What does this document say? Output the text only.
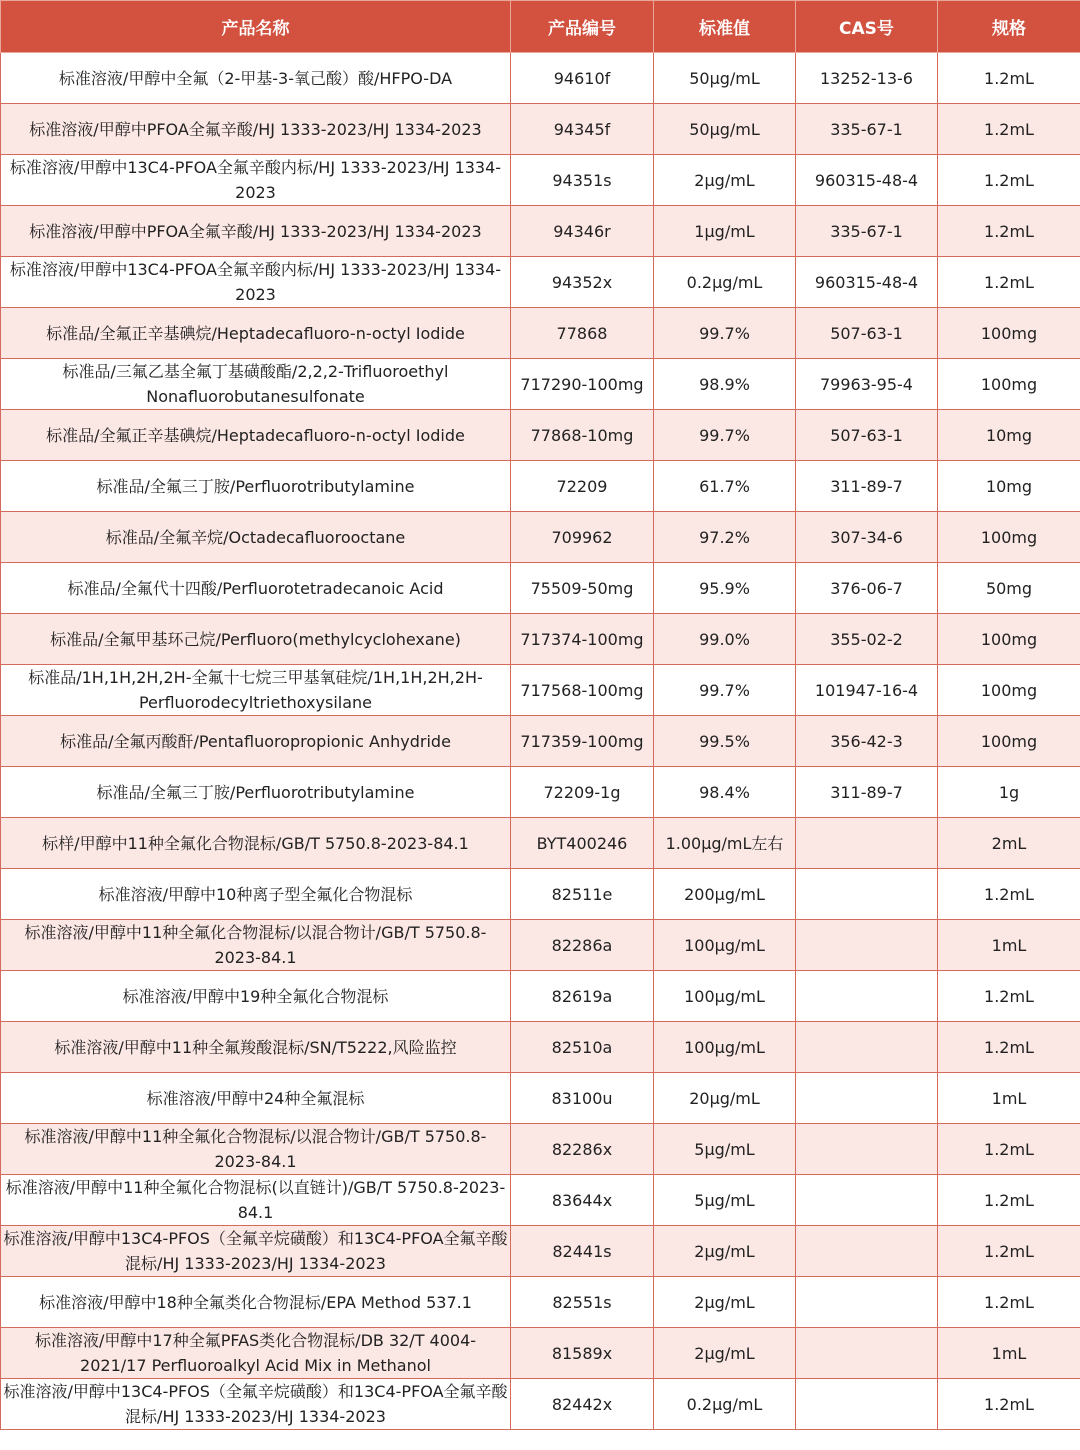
产品名称	产品编号	标准值	CAS号	规格
标准溶液/甲醇中全氟（2-甲基-3-氧己酸）酸/HFPO-DA	94610f	50μg/mL	13252-13-6	1.2mL
标准溶液/甲醇中PFOA全氟辛酸/HJ 1333-2023/HJ 1334-2023	94345f	50μg/mL	335-67-1	1.2mL
标准溶液/甲醇中13C4-PFOA全氟辛酸内标/HJ 1333-2023/HJ 1334-2023	94351s	2μg/mL	960315-48-4	1.2mL
标准溶液/甲醇中PFOA全氟辛酸/HJ 1333-2023/HJ 1334-2023	94346r	1μg/mL	335-67-1	1.2mL
标准溶液/甲醇中13C4-PFOA全氟辛酸内标/HJ 1333-2023/HJ 1334-2023	94352x	0.2μg/mL	960315-48-4	1.2mL
标准品/全氟正辛基碘烷/Heptadecafluoro-n-octyl Iodide	77868	99.7%	507-63-1	100mg
标准品/三氟乙基全氟丁基磺酸酯/2,2,2-Trifluoroethyl Nonafluorobutanesulfonate	717290-100mg	98.9%	79963-95-4	100mg
标准品/全氟正辛基碘烷/Heptadecafluoro-n-octyl Iodide	77868-10mg	99.7%	507-63-1	10mg
标准品/全氟三丁胺/Perfluorotributylamine	72209	61.7%	311-89-7	10mg
标准品/全氟辛烷/Octadecafluorooctane	709962	97.2%	307-34-6	100mg
标准品/全氟代十四酸/Perfluorotetradecanoic Acid	75509-50mg	95.9%	376-06-7	50mg
标准品/全氟甲基环己烷/Perfluoro(methylcyclohexane)	717374-100mg	99.0%	355-02-2	100mg
标准品/1H,1H,2H,2H-全氟十七烷三甲基氧硅烷/1H,1H,2H,2H-Perfluorodecyltriethoxysilane	717568-100mg	99.7%	101947-16-4	100mg
标准品/全氟丙酸酐/Pentafluoropropionic Anhydride	717359-100mg	99.5%	356-42-3	100mg
标准品/全氟三丁胺/Perfluorotributylamine	72209-1g	98.4%	311-89-7	1g
标样/甲醇中11种全氟化合物混标/GB/T 5750.8-2023-84.1	BYT400246	1.00μg/mL左右		2mL
标准溶液/甲醇中10种离子型全氟化合物混标	82511e	200μg/mL		1.2mL
标准溶液/甲醇中11种全氟化合物混标/以混合物计/GB/T 5750.8-2023-84.1	82286a	100μg/mL		1mL
标准溶液/甲醇中19种全氟化合物混标	82619a	100μg/mL		1.2mL
标准溶液/甲醇中11种全氟羧酸混标/SN/T5222,风险监控	82510a	100μg/mL		1.2mL
标准溶液/甲醇中24种全氟混标	83100u	20μg/mL		1mL
标准溶液/甲醇中11种全氟化合物混标/以混合物计/GB/T 5750.8-2023-84.1	82286x	5μg/mL		1.2mL
标准溶液/甲醇中11种全氟化合物混标(以直链计)/GB/T 5750.8-2023-84.1	83644x	5μg/mL		1.2mL
标准溶液/甲醇中13C4-PFOS（全氟辛烷磺酸）和13C4-PFOA全氟辛酸混标/HJ 1333-2023/HJ 1334-2023	82441s	2μg/mL		1.2mL
标准溶液/甲醇中18种全氟类化合物混标/EPA Method 537.1	82551s	2μg/mL		1.2mL
标准溶液/甲醇中17种全氟PFAS类化合物混标/DB 32/T 4004-2021/17 Perfluoroalkyl Acid Mix in Methanol	81589x	2μg/mL		1mL
标准溶液/甲醇中13C4-PFOS（全氟辛烷磺酸）和13C4-PFOA全氟辛酸混标/HJ 1333-2023/HJ 1334-2023	82442x	0.2μg/mL		1.2mL
